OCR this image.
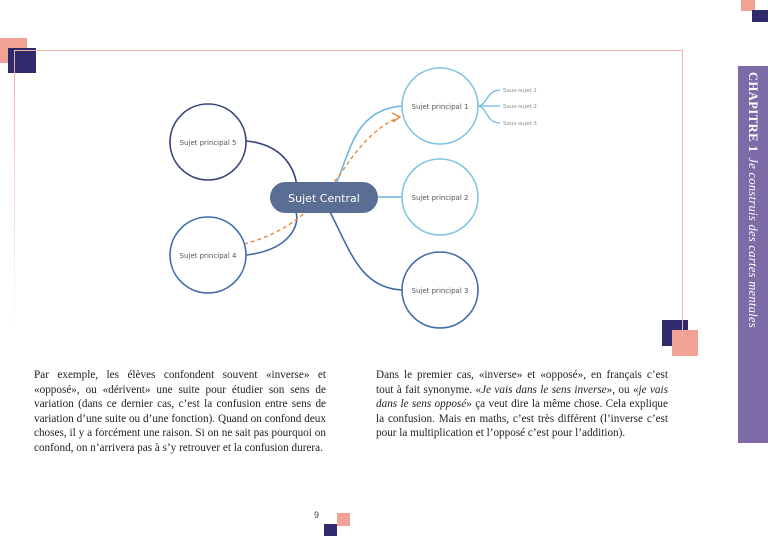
Sujet principal 5
Sujet principal 4
Sujet principal 1
Sujet principal 2
Sujet principal 3
Sujet Central
Sous-sujet 1
Sous-sujet 2
Sous-sujet 3	CHAPITRE 1
Je construis des cartes mentales

Par exemple, les élèves confondent souvent «inverse» et «opposé», ou «dérivent» une suite pour étudier son sens de variation (dans ce dernier cas, c’est la confusion entre sens de variation d’une suite ou d’une fonction). Quand on confond deux choses, il y a forcément une raison. Si on ne sait pas pourquoi on confond, on n’arrivera pas à s’y retrouver et la confusion durera.

Dans le premier cas, «inverse» et «opposé», en français c’est tout à fait synonyme. «Je vais dans le sens inverse», ou «je vais dans le sens opposé» ça veut dire la même chose. Cela explique la confusion. Mais en maths, c’est très différent (l’inverse c’est pour la multiplication et l’opposé c’est pour l’addition).

9
